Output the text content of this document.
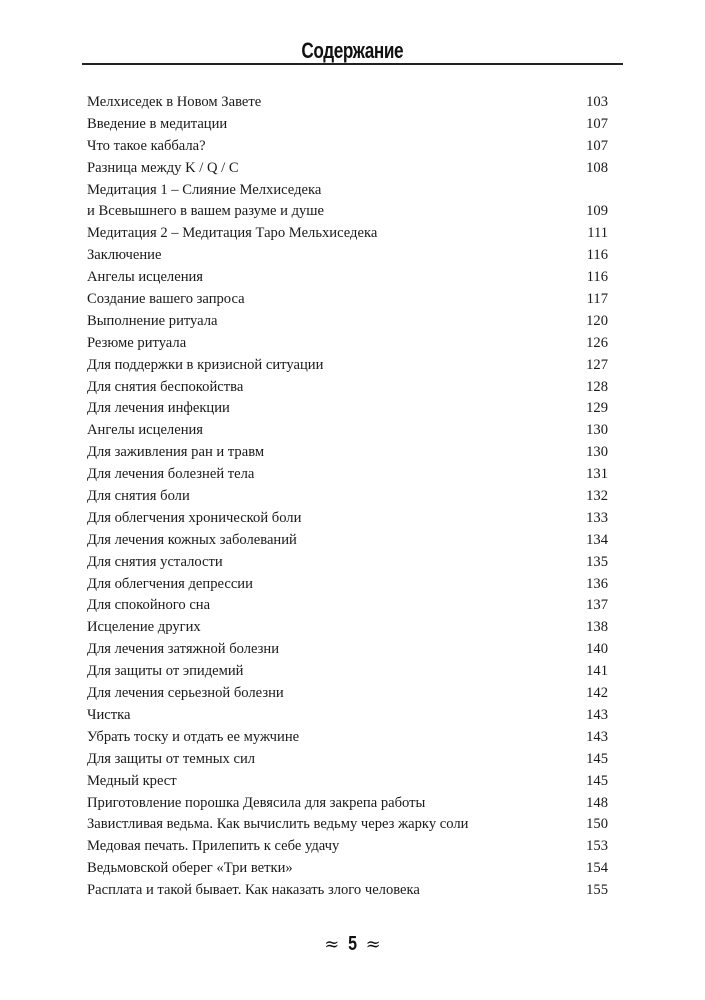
Содержание
Мелхиседек в Новом Завете . . .	103
Введение в медитации . . .	107
Что такое каббала? . . .	107
Разница между K / Q / C . . .	108
Медитация 1 – Слияние Мелхиседека
и Всевышнего в вашем разуме и душе . . .	109
Медитация 2 – Медитация Таро Мельхиседека . . .	111
Заключение . . .	116
Ангелы исцеления . . .	116
Создание вашего запроса . . .	117
Выполнение ритуала . . .	120
Резюме ритуала . . .	126
Для поддержки в кризисной ситуации . . .	127
Для снятия беспокойства . . .	128
Для лечения инфекции . . .	129
Ангелы исцеления . . .	130
Для заживления ран и травм . . .	130
Для лечения болезней тела . . .	131
Для снятия боли . . .	132
Для облегчения хронической боли . . .	133
Для лечения кожных заболеваний . . .	134
Для снятия усталости . . .	135
Для облегчения депрессии . . .	136
Для спокойного сна . . .	137
Исцеление других . . .	138
Для лечения затяжной болезни . . .	140
Для защиты от эпидемий . . .	141
Для лечения серьезной болезни . . .	142
Чистка . . .	143
Убрать тоску и отдать ее мужчине . . .	143
Для защиты от темных сил . . .	145
Медный крест . . .	145
Приготовление порошка Девясила для закрепа работы . . .	148
Завистливая ведьма. Как вычислить ведьму через жарку соли . . .	150
Медовая печать. Прилепить к себе удачу . . .	153
Ведьмовской оберег «Три ветки» . . .	154
Расплата и такой бывает. Как наказать злого человека . . .	155
≈ 5 ≈
